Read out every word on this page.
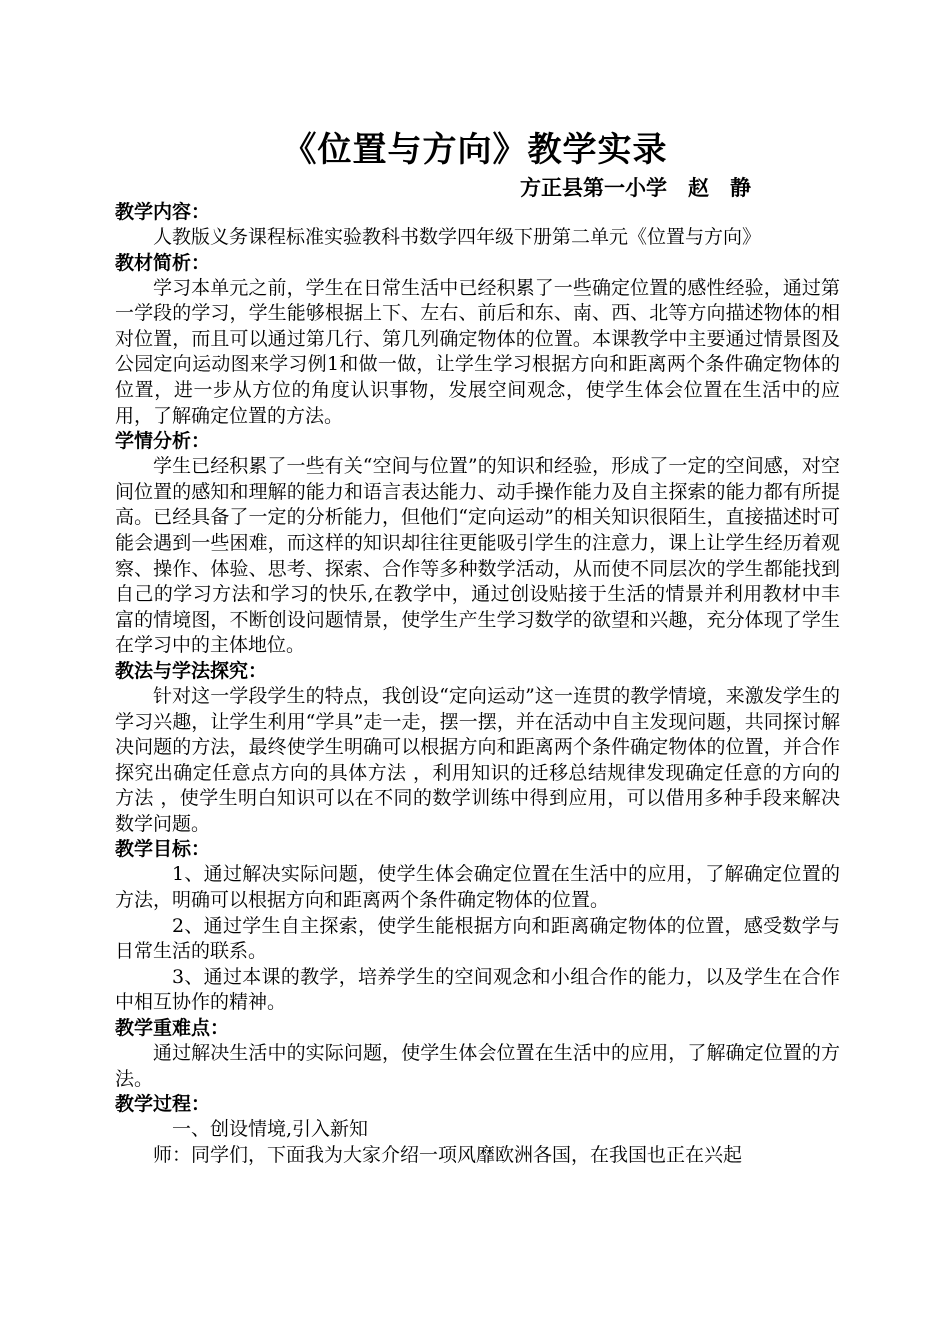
《位置与方向》教学实录
方正县第一小学　赵　静
教学内容：

人教版义务课程标准实验教科书数学四年级下册第二单元《位置与方向》

教材简析：

学习本单元之前，学生在日常生活中已经积累了一些确定位置的感性经验，通过第一学段的学习，学生能够根据上下、左右、前后和东、南、西、北等方向描述物体的相对位置，而且可以通过第几行、第几列确定物体的位置。本课教学中主要通过情景图及公园定向运动图来学习例1和做一做，让学生学习根据方向和距离两个条件确定物体的位置，进一步从方位的角度认识事物，发展空间观念，使学生体会位置在生活中的应用，了解确定位置的方法。

学情分析：

学生已经积累了一些有关“空间与位置”的知识和经验，形成了一定的空间感，对空间位置的感知和理解的能力和语言表达能力、动手操作能力及自主探索的能力都有所提高。已经具备了一定的分析能力，但他们“定向运动”的相关知识很陌生，直接描述时可能会遇到一些困难，而这样的知识却往往更能吸引学生的注意力，课上让学生经历着观察、操作、体验、思考、探索、合作等多种数学活动，从而使不同层次的学生都能找到自己的学习方法和学习的快乐,在教学中，通过创设贴接于生活的情景并利用教材中丰富的情境图，不断创设问题情景，使学生产生学习数学的欲望和兴趣，充分体现了学生在学习中的主体地位。

教法与学法探究：

针对这一学段学生的特点，我创设“定向运动”这一连贯的教学情境，来激发学生的学习兴趣，让学生利用“学具”走一走，摆一摆，并在活动中自主发现问题，共同探讨解决问题的方法，最终使学生明确可以根据方向和距离两个条件确定物体的位置，并合作探究出确定任意点方向的具体方法 ，利用知识的迁移总结规律发现确定任意的方向的方法 ，使学生明白知识可以在不同的数学训练中得到应用，可以借用多种手段来解决数学问题。

教学目标：

1、通过解决实际问题，使学生体会确定位置在生活中的应用，了解确定位置的方法，明确可以根据方向和距离两个条件确定物体的位置。

2、通过学生自主探索，使学生能根据方向和距离确定物体的位置，感受数学与日常生活的联系。

3、通过本课的教学，培养学生的空间观念和小组合作的能力，以及学生在合作中相互协作的精神。

教学重难点：

通过解决生活中的实际问题，使学生体会位置在生活中的应用，了解确定位置的方法。

教学过程：

一、创设情境,引入新知

师：同学们，下面我为大家介绍一项风靡欧洲各国，在我国也正在兴起
